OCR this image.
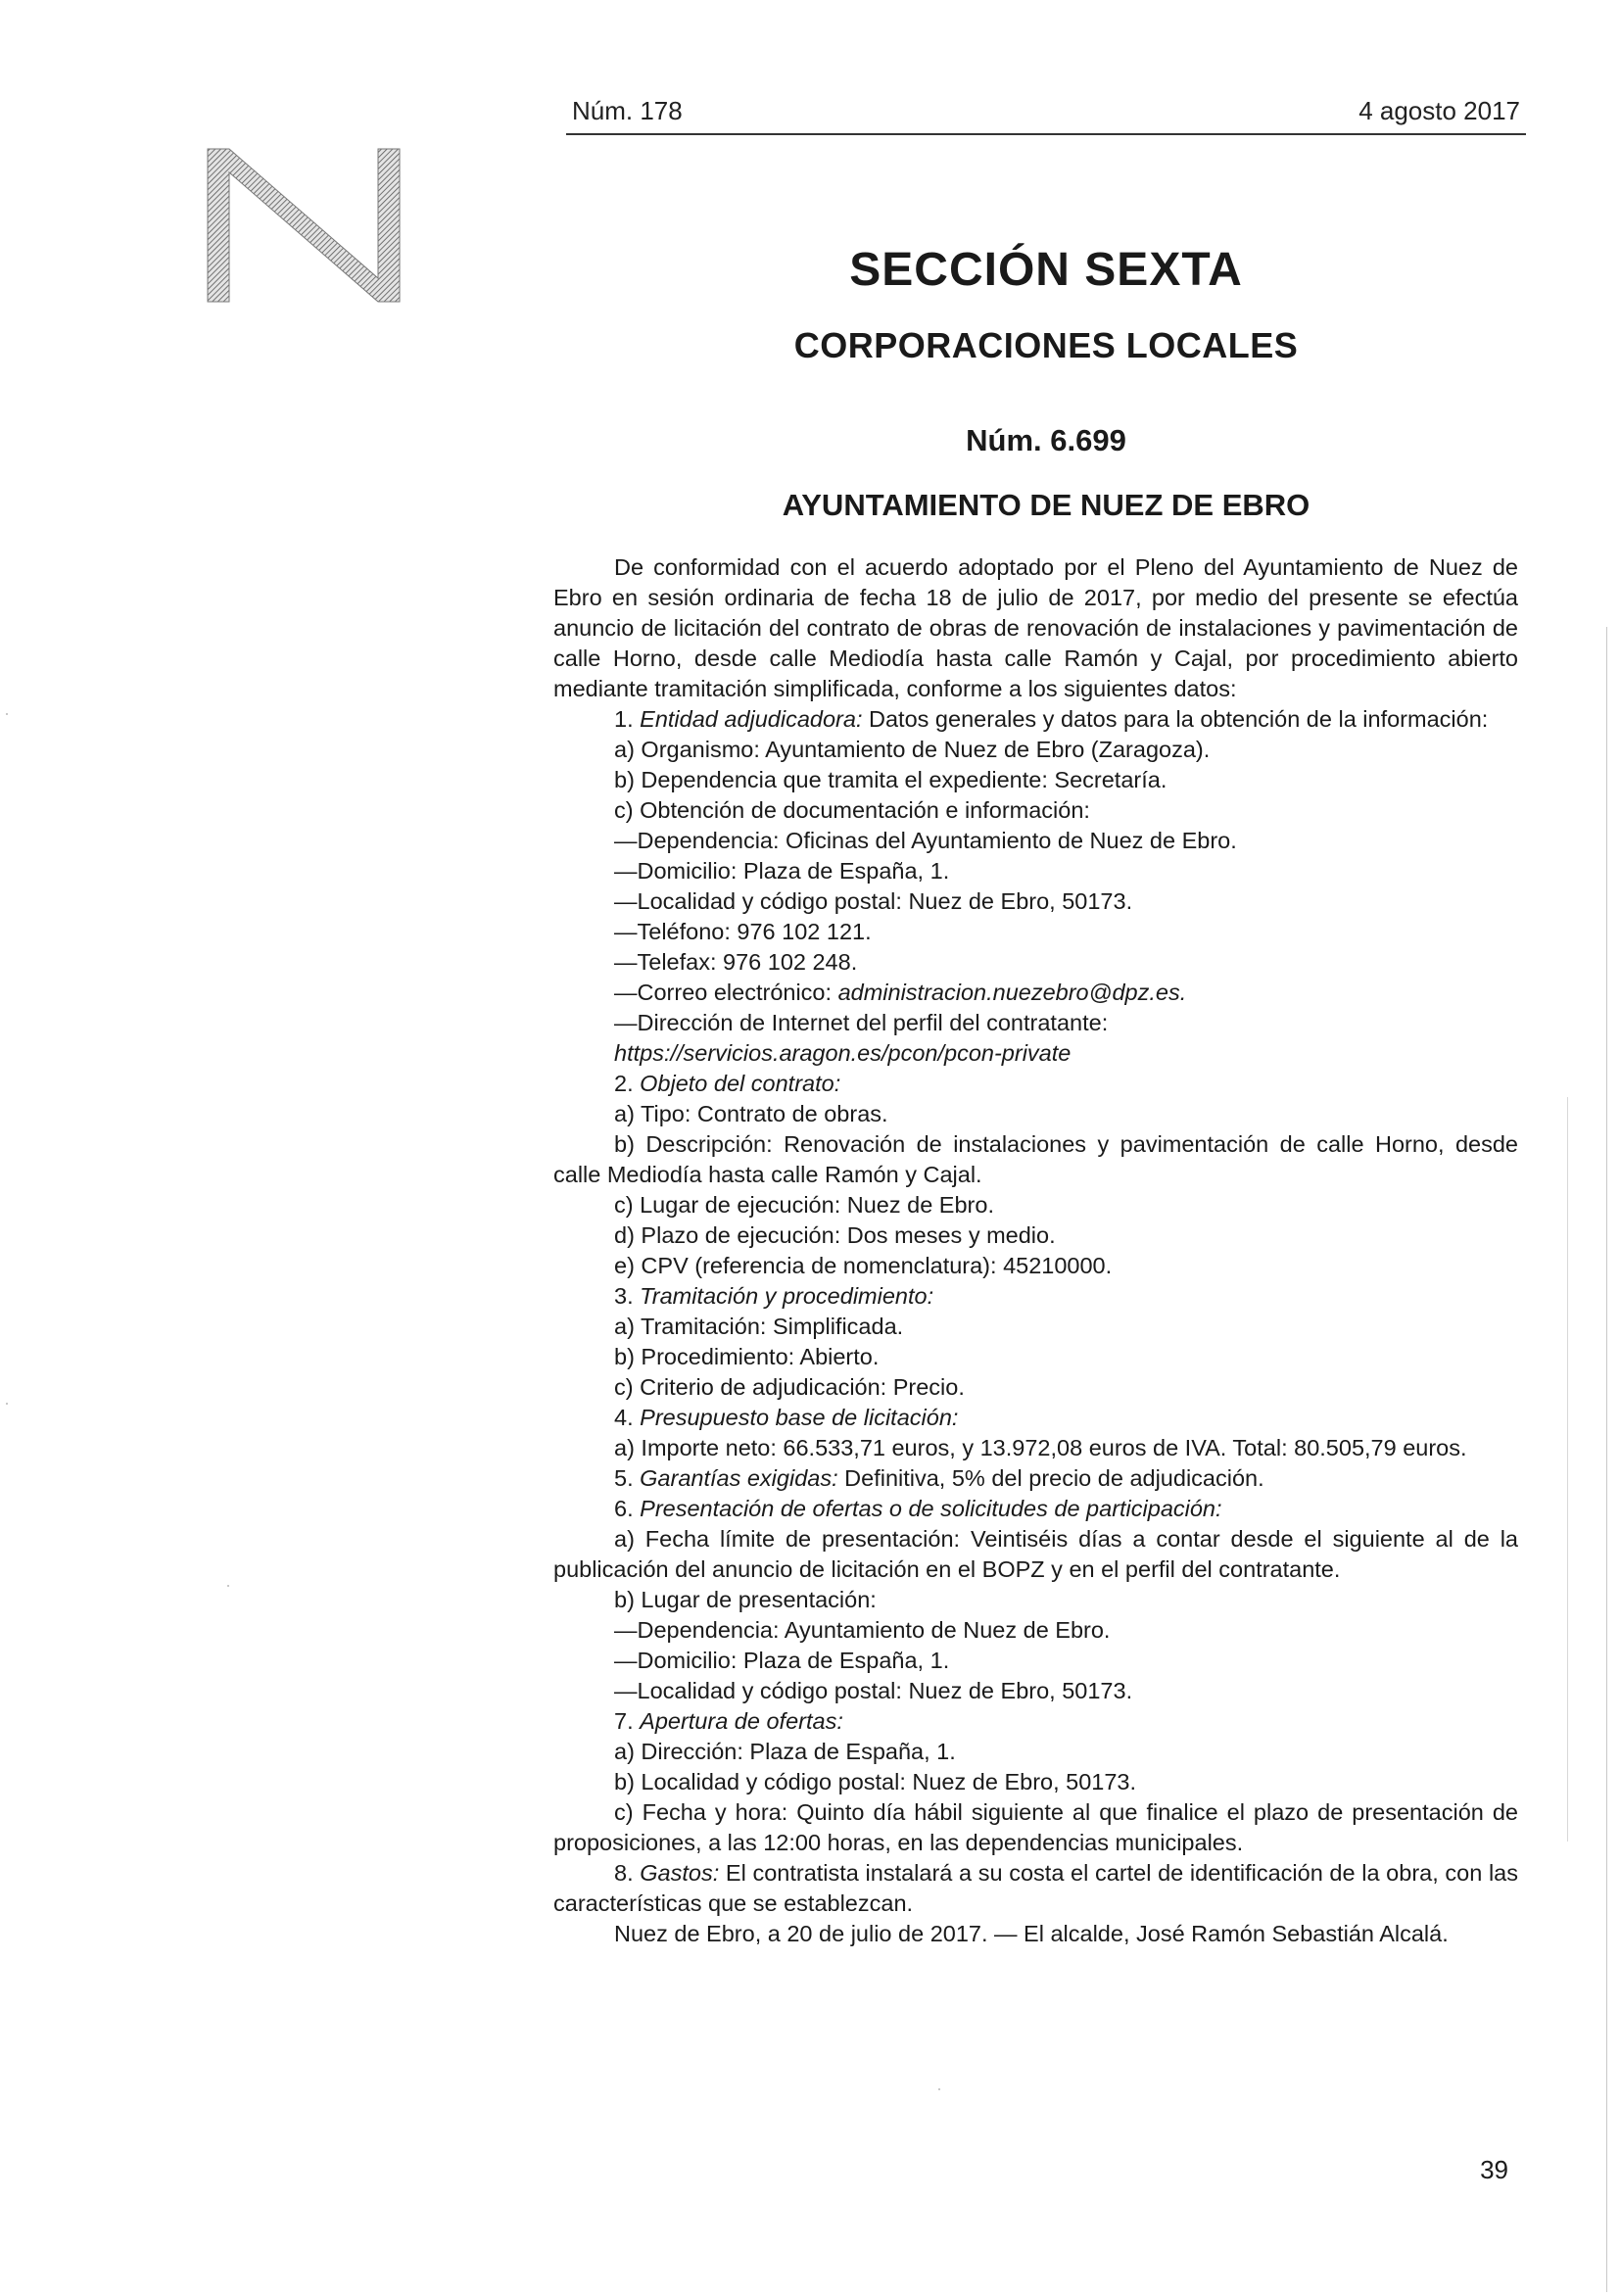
Núm. 178	4 agosto 2017
SECCIÓN SEXTA
CORPORACIONES LOCALES
Núm. 6.699
AYUNTAMIENTO DE NUEZ DE EBRO

De conformidad con el acuerdo adoptado por el Pleno del Ayuntamiento de Nuez de Ebro en sesión ordinaria de fecha 18 de julio de 2017, por medio del presente se efectúa anuncio de licitación del contrato de obras de renovación de instalaciones y pavimentación de calle Horno, desde calle Mediodía hasta calle Ramón y Cajal, por procedimiento abierto mediante tramitación simplificada, conforme a los siguientes datos:

1. Entidad adjudicadora: Datos generales y datos para la obtención de la información:

a) Organismo: Ayuntamiento de Nuez de Ebro (Zaragoza).

b) Dependencia que tramita el expediente: Secretaría.

c) Obtención de documentación e información:

—Dependencia: Oficinas del Ayuntamiento de Nuez de Ebro.

—Domicilio: Plaza de España, 1.

—Localidad y código postal: Nuez de Ebro, 50173.

—Teléfono: 976 102 121.

—Telefax: 976 102 248.

—Correo electrónico: administracion.nuezebro@dpz.es.

—Dirección de Internet del perfil del contratante:

https://servicios.aragon.es/pcon/pcon-private

2. Objeto del contrato:

a) Tipo: Contrato de obras.

b) Descripción: Renovación de instalaciones y pavimentación de calle Horno, desde calle Mediodía hasta calle Ramón y Cajal.

c) Lugar de ejecución: Nuez de Ebro.

d) Plazo de ejecución: Dos meses y medio.

e) CPV (referencia de nomenclatura): 45210000.

3. Tramitación y procedimiento:

a) Tramitación: Simplificada.

b) Procedimiento: Abierto.

c) Criterio de adjudicación: Precio.

4. Presupuesto base de licitación:

a) Importe neto: 66.533,71 euros, y 13.972,08 euros de IVA. Total: 80.505,79 euros.

5. Garantías exigidas: Definitiva, 5% del precio de adjudicación.

6. Presentación de ofertas o de solicitudes de participación:

a) Fecha límite de presentación: Veintiséis días a contar desde el siguiente al de la publicación del anuncio de licitación en el BOPZ y en el perfil del contratante.

b) Lugar de presentación:

—Dependencia: Ayuntamiento de Nuez de Ebro.

—Domicilio: Plaza de España, 1.

—Localidad y código postal: Nuez de Ebro, 50173.

7. Apertura de ofertas:

a) Dirección: Plaza de España, 1.

b) Localidad y código postal: Nuez de Ebro, 50173.

c) Fecha y hora: Quinto día hábil siguiente al que finalice el plazo de presentación de proposiciones, a las 12:00 horas, en las dependencias municipales.

8. Gastos: El contratista instalará a su costa el cartel de identificación de la obra, con las características que se establezcan.

Nuez de Ebro, a 20 de julio de 2017. — El alcalde, José Ramón Sebastián Alcalá.

39
